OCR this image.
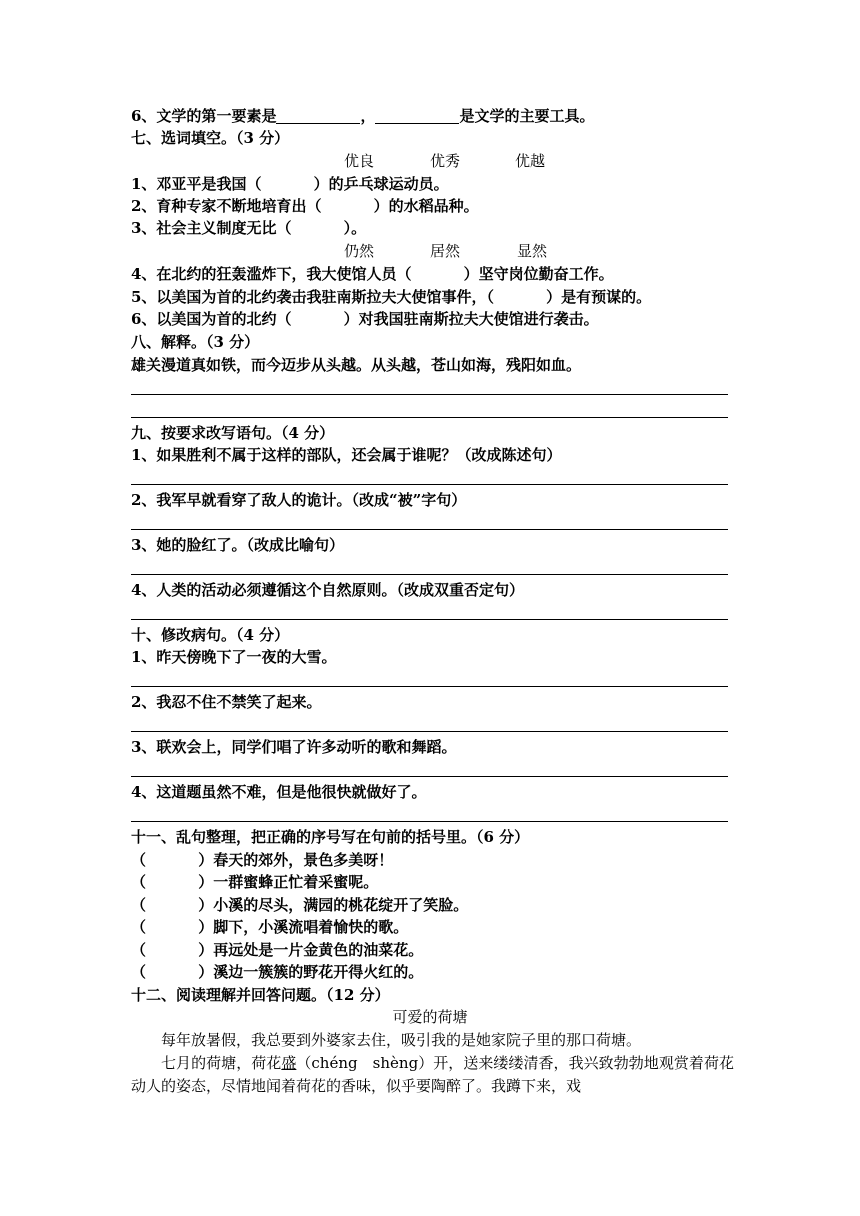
6、文学的第一要素是	，	是文学的主要工具。
七、选词填空。（3 分）

优良

	优秀

	优越

1、邓亚平是我国（          ）的乒乓球运动员。
2、育种专家不断地培育出（          ）的水稻品种。
3、社会主义制度无比（          ）。

仍然

	居然

	显然

4、在北约的狂轰滥炸下，我大使馆人员（          ）坚守岗位勤奋工作。
5、以美国为首的北约袭击我驻南斯拉夫大使馆事件，（          ）是有预谋的。
6、以美国为首的北约（          ）对我国驻南斯拉夫大使馆进行袭击。
八、解释。（3 分）
雄关漫道真如铁，而今迈步从头越。从头越，苍山如海，残阳如血。
九、按要求改写语句。（4 分）
1、如果胜利不属于这样的部队，还会属于谁呢？（改成陈述句）
2、我军早就看穿了敌人的诡计。（改成“被”字句）
3、她的脸红了。（改成比喻句）
4、人类的活动必须遵循这个自然原则。（改成双重否定句）
十、修改病句。（4 分）
1、昨天傍晚下了一夜的大雪。
2、我忍不住不禁笑了起来。
3、联欢会上，同学们唱了许多动听的歌和舞蹈。
4、这道题虽然不难，但是他很快就做好了。
十一、乱句整理，把正确的序号写在句前的括号里。（6 分）
（          ）春天的郊外，景色多美呀！
（          ）一群蜜蜂正忙着采蜜呢。
（          ）小溪的尽头，满园的桃花绽开了笑脸。
（          ）脚下，小溪流唱着愉快的歌。
（          ）再远处是一片金黄色的油菜花。
（          ）溪边一簇簇的野花开得火红的。
十二、阅读理解并回答问题。（12 分）
可爱的荷塘
每年放暑假，我总要到外婆家去住，吸引我的是她家院子里的那口荷塘。
七月的荷塘，荷花盛（chéng　shèng）开，送来缕缕清香，我兴致勃勃地观赏着荷花动人的姿态，尽情地闻着荷花的香味，似乎要陶醉了。我蹲下来，戏
